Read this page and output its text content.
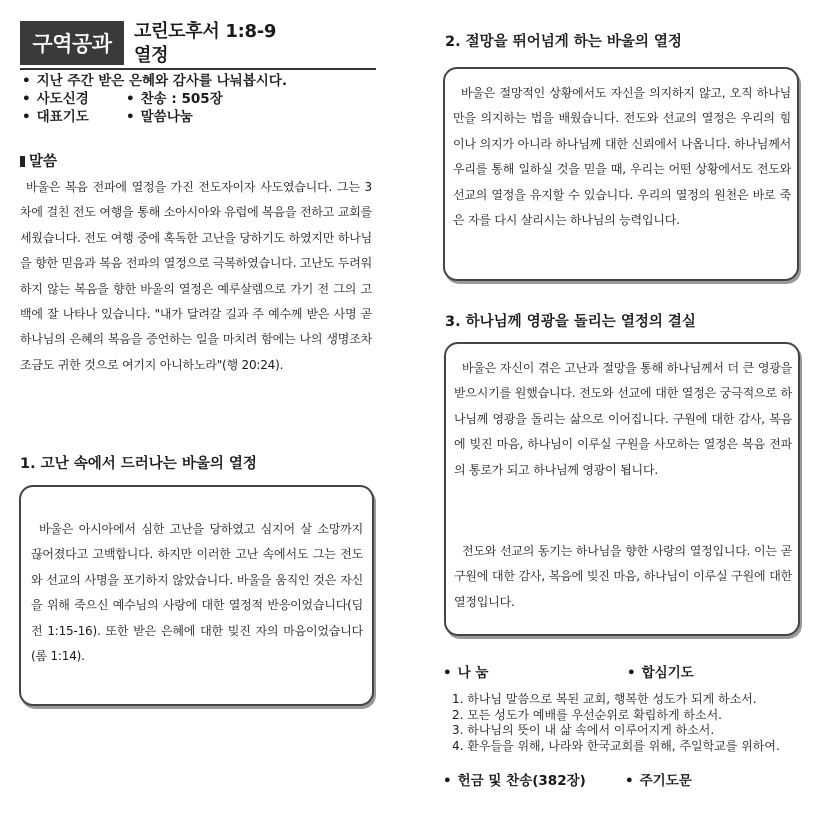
구역공과
고린도후서 1:8-9
열정
• 지난 주간 받은 은혜와 감사를 나눠봅시다.
• 사도신경	• 찬송 : 505장
• 대표기도	• 말씀나눔
말씀
바울은 복음 전파에 열정을 가진 전도자이자 사도였습니다. 그는 3차에 걸친 전도 여행을 통해 소아시아와 유럽에 복음을 전하고 교회를 세웠습니다. 전도 여행 중에 혹독한 고난을 당하기도 하였지만 하나님을 향한 믿음과 복음 전파의 열정으로 극복하였습니다. 고난도 두려워하지 않는 복음을 향한 바울의 열정은 예루살렘으로 가기 전 그의 고백에 잘 나타나 있습니다. "내가 달려갈 길과 주 예수께 받은 사명 곧 하나님의 은혜의 복음을 증언하는 일을 마치려 함에는 나의 생명조차 조금도 귀한 것으로 여기지 아니하노라"(행 20:24).
1. 고난 속에서 드러나는 바울의 열정
바울은 아시아에서 심한 고난을 당하였고 심지어 살 소망까지 끊어졌다고 고백합니다. 하지만 이러한 고난 속에서도 그는 전도와 선교의 사명을 포기하지 않았습니다. 바울을 움직인 것은 자신을 위해 죽으신 예수님의 사랑에 대한 열정적 반응이었습니다(딤전 1:15-16). 또한 받은 은혜에 대한 빚진 자의 마음이었습니다(롬 1:14).
2. 절망을 뛰어넘게 하는 바울의 열정
바울은 절망적인 상황에서도 자신을 의지하지 않고, 오직 하나님만을 의지하는 법을 배웠습니다. 전도와 선교의 열정은 우리의 힘이나 의지가 아니라 하나님께 대한 신뢰에서 나옵니다. 하나님께서 우리를 통해 일하실 것을 믿을 때, 우리는 어떤 상황에서도 전도와 선교의 열정을 유지할 수 있습니다. 우리의 열정의 원천은 바로 죽은 자를 다시 살리시는 하나님의 능력입니다.
3. 하나님께 영광을 돌리는 열정의 결실
바울은 자신이 겪은 고난과 절망을 통해 하나님께서 더 큰 영광을 받으시기를 원했습니다. 전도와 선교에 대한 열정은 궁극적으로 하나님께 영광을 돌리는 삶으로 이어집니다. 구원에 대한 감사, 복음에 빚진 마음, 하나님이 이루실 구원을 사모하는 열정은 복음 전파의 통로가 되고 하나님께 영광이 됩니다.
전도와 선교의 동기는 하나님을 향한 사랑의 열정입니다. 이는 곧 구원에 대한 감사, 복음에 빚진 마음, 하나님이 이루실 구원에 대한 열정입니다.
• 나 눔	• 합심기도
1. 하나님 말씀으로 복된 교회, 행복한 성도가 되게 하소서.
2. 모든 성도가 예배를 우선순위로 확립하게 하소서.
3. 하나님의 뜻이 내 삶 속에서 이루어지게 하소서.
4. 환우들을 위해, 나라와 한국교회를 위해, 주일학교를 위하여.
• 헌금 및 찬송(382장)	• 주기도문
